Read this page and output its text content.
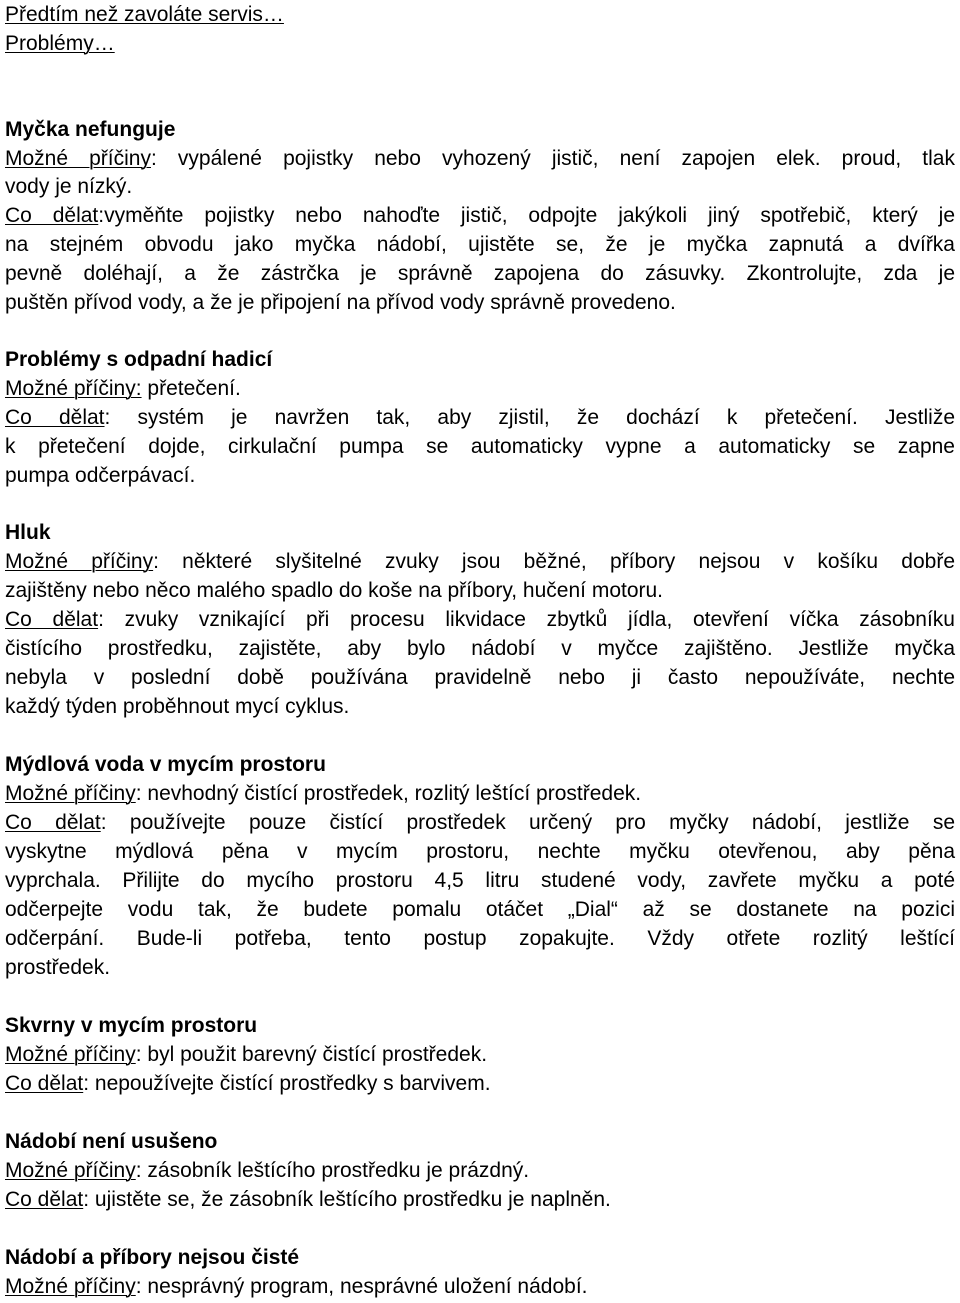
Předtím než zavoláte servis…

Problémy…

Myčka nefunguje

Možné příčiny: vypálené pojistky nebo vyhozený jistič, není zapojen elek. proud, tlak

vody je nízký.

Co dělat:vyměňte pojistky nebo nahoďte jistič, odpojte jakýkoli jiný spotřebič, který je

na stejném obvodu jako myčka nádobí, ujistěte se, že je myčka zapnutá a dvířka

pevně doléhají, a že zástrčka je správně zapojena do zásuvky. Zkontrolujte, zda je

puštěn přívod vody, a že je připojení na přívod vody správně provedeno.

Problémy s odpadní hadicí

Možné příčiny: přetečení.

Co dělat: systém je navržen tak, aby zjistil, že dochází k přetečení. Jestliže

k přetečení dojde, cirkulační pumpa se automaticky vypne a automaticky se zapne

pumpa odčerpávací.

Hluk

Možné příčiny: některé slyšitelné zvuky jsou běžné, příbory nejsou v košíku dobře

zajištěny nebo něco malého spadlo do koše na příbory, hučení motoru.

Co dělat: zvuky vznikající při procesu likvidace zbytků jídla, otevření víčka zásobníku

čistícího prostředku, zajistěte, aby bylo nádobí v myčce zajištěno. Jestliže myčka

nebyla v poslední době používána pravidelně nebo ji často nepoužíváte, nechte

každý týden proběhnout mycí cyklus.

Mýdlová voda v mycím prostoru

Možné příčiny: nevhodný čistící prostředek, rozlitý leštící prostředek.

Co dělat: používejte pouze čistící prostředek určený pro myčky nádobí, jestliže se

vyskytne mýdlová pěna v mycím prostoru, nechte myčku otevřenou, aby pěna

vyprchala. Přilijte do mycího prostoru 4,5 litru studené vody, zavřete myčku a poté

odčerpejte vodu tak, že budete pomalu otáčet „Dial“ až se dostanete na pozici

odčerpání. Bude-li potřeba, tento postup zopakujte. Vždy otřete rozlitý leštící

prostředek.

Skvrny v mycím prostoru

Možné příčiny: byl použit barevný čistící prostředek.

Co dělat: nepoužívejte čistící prostředky s barvivem.

Nádobí není usušeno

Možné příčiny: zásobník leštícího prostředku je prázdný.

Co dělat: ujistěte se, že zásobník leštícího prostředku je naplněn.

Nádobí a příbory nejsou čisté

Možné příčiny: nesprávný program, nesprávné uložení nádobí.
